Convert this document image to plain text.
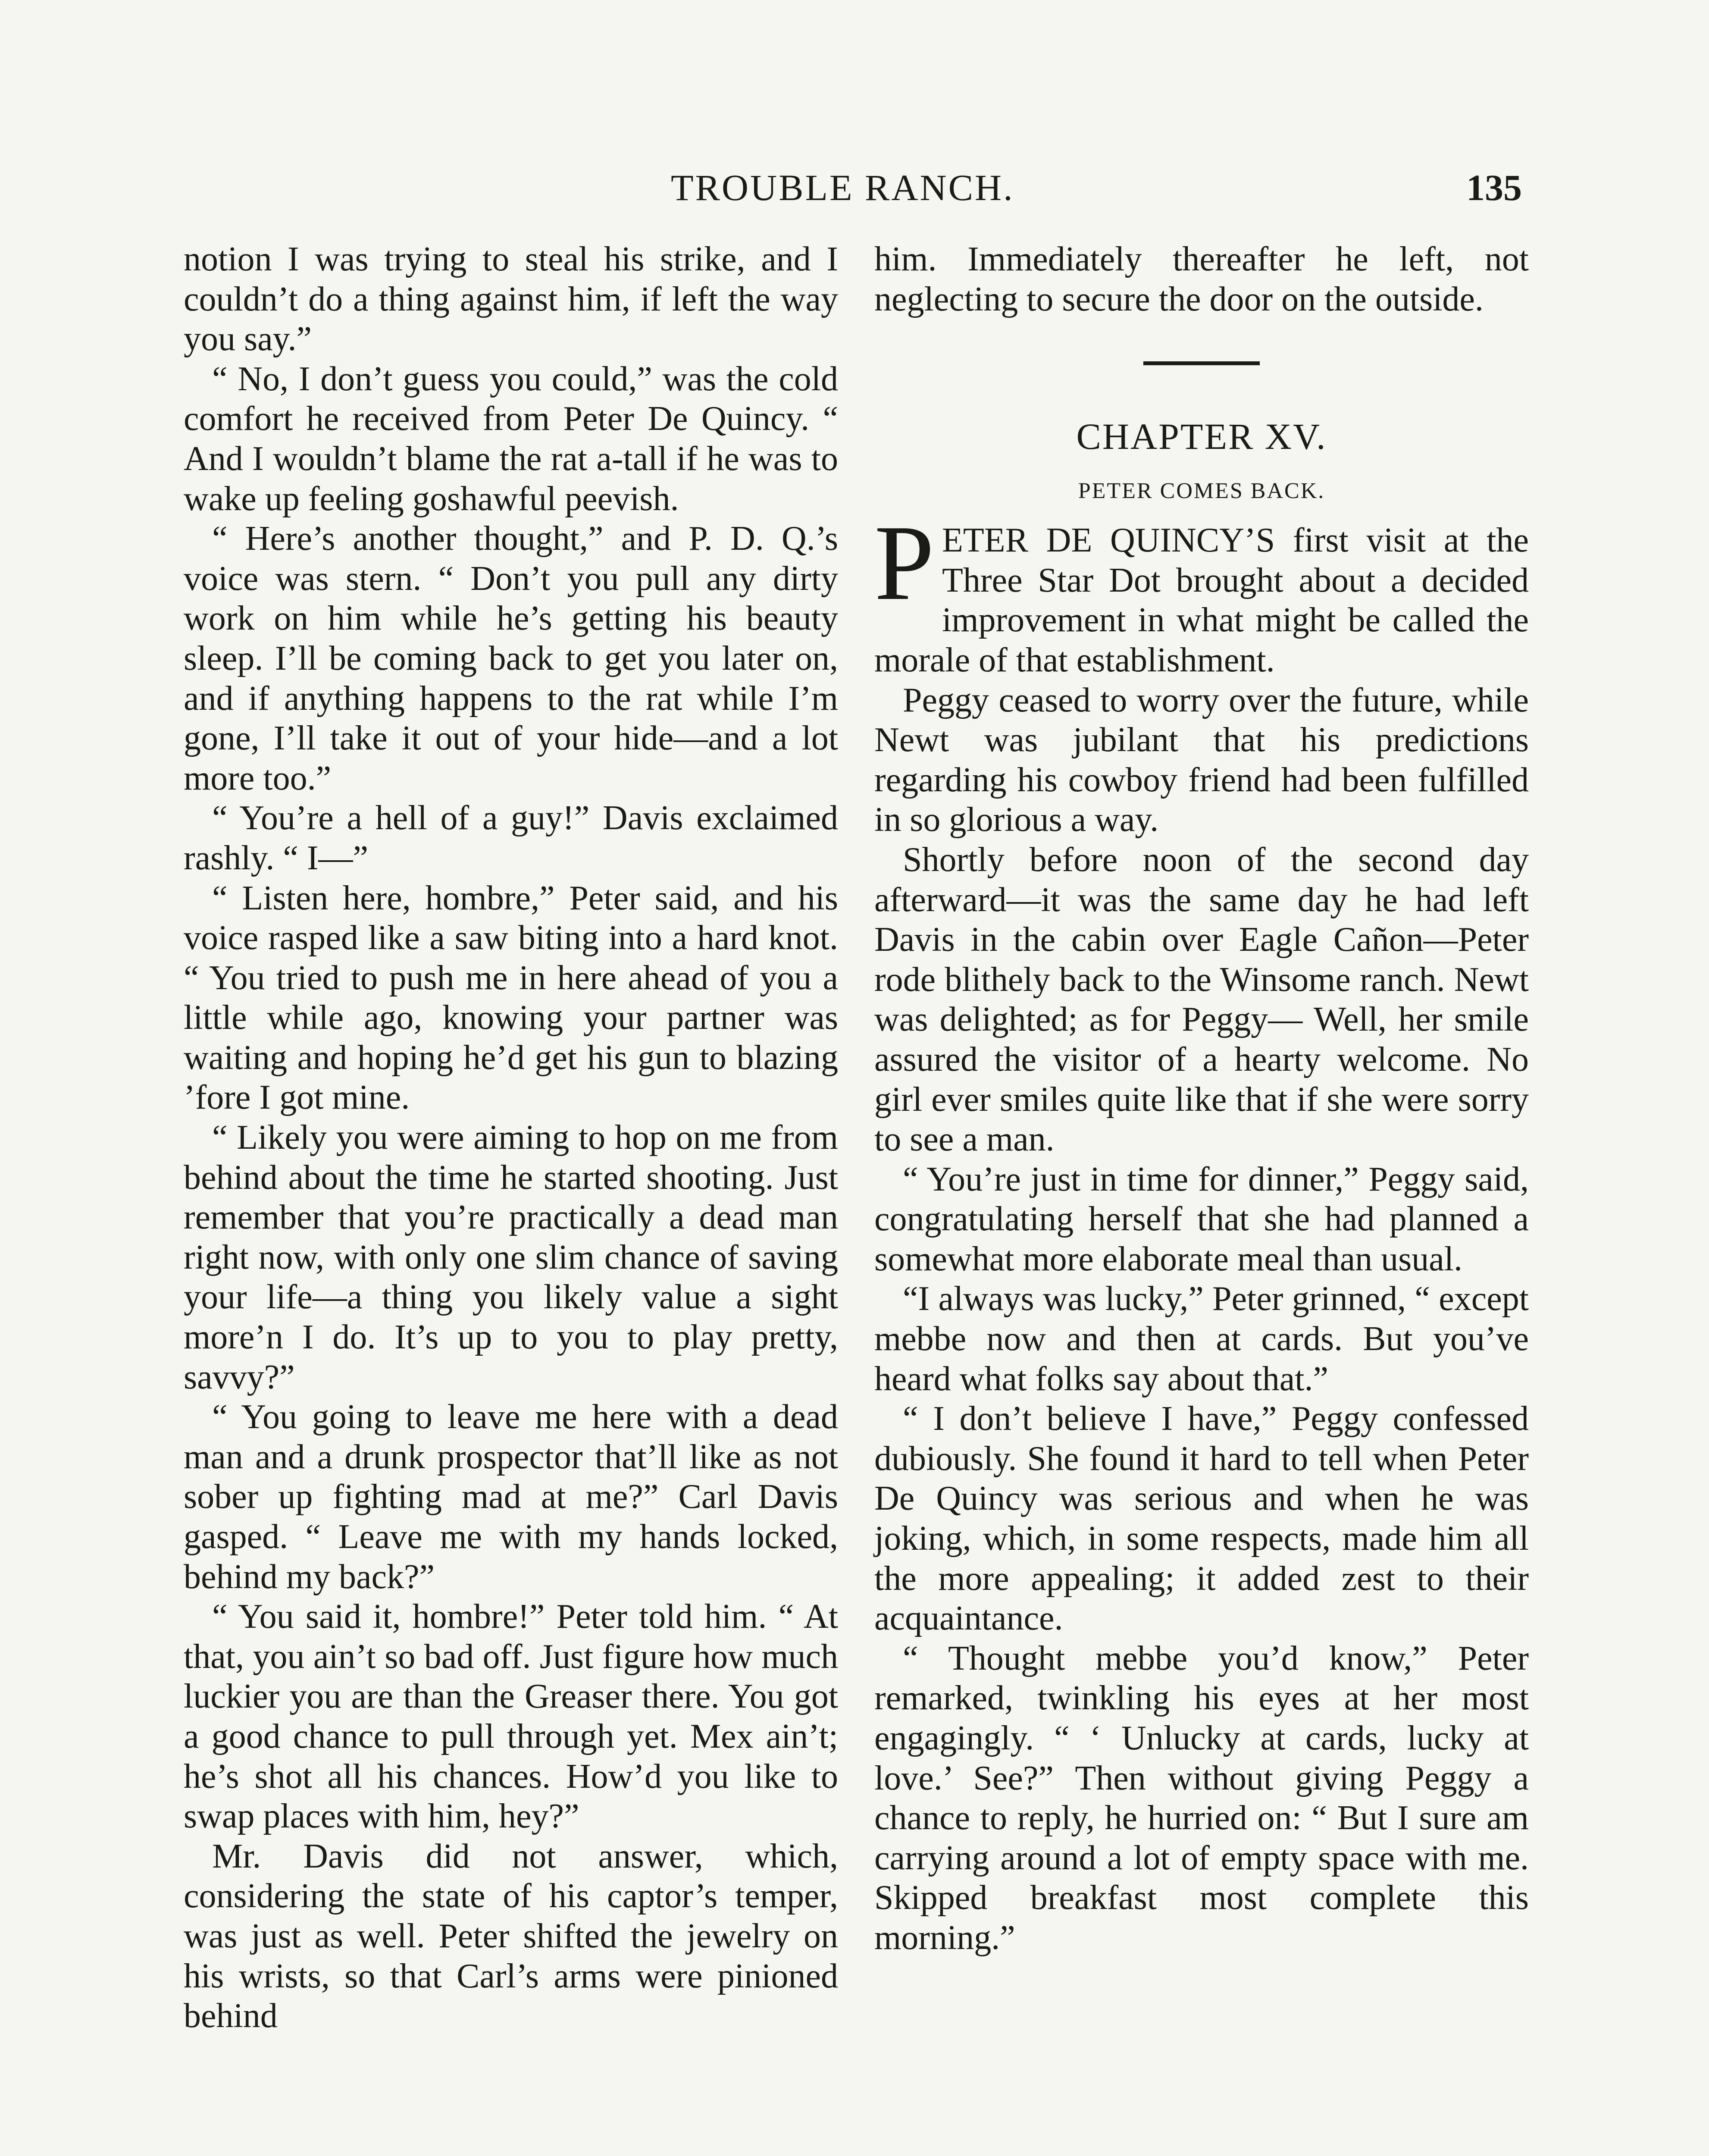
TROUBLE RANCH.	135

notion I was trying to steal his strike, and I couldn’t do a thing against him, if left the way you say.”

“ No, I don’t guess you could,” was the cold comfort he received from Peter De Quincy. “ And I wouldn’t blame the rat a-tall if he was to wake up feeling goshawful peevish.

“ Here’s another thought,” and P. D. Q.’s voice was stern. “ Don’t you pull any dirty work on him while he’s getting his beauty sleep. I’ll be coming back to get you later on, and if anything happens to the rat while I’m gone, I’ll take it out of your hide—and a lot more too.”

“ You’re a hell of a guy!” Davis exclaimed rashly. “ I—”

“ Listen here, hombre,” Peter said, and his voice rasped like a saw biting into a hard knot. “ You tried to push me in here ahead of you a little while ago, knowing your partner was waiting and hoping he’d get his gun to blazing ’fore I got mine.

“ Likely you were aiming to hop on me from behind about the time he started shooting. Just remember that you’re practically a dead man right now, with only one slim chance of saving your life—a thing you likely value a sight more’n I do. It’s up to you to play pretty, savvy?”

“ You going to leave me here with a dead man and a drunk prospector that’ll like as not sober up fighting mad at me?” Carl Davis gasped. “ Leave me with my hands locked, behind my back?”

“ You said it, hombre!” Peter told him. “ At that, you ain’t so bad off. Just figure how much luckier you are than the Greaser there. You got a good chance to pull through yet. Mex ain’t; he’s shot all his chances. How’d you like to swap places with him, hey?”

Mr. Davis did not answer, which, considering the state of his captor’s temper, was just as well. Peter shifted the jewelry on his wrists, so that Carl’s arms were pinioned behind

him. Immediately thereafter he left, not neglecting to secure the door on the outside.

CHAPTER XV.
PETER COMES BACK.

PETER DE QUINCY’S first visit at the Three Star Dot brought about a decided improvement in what might be called the morale of that establishment.

Peggy ceased to worry over the future, while Newt was jubilant that his predictions regarding his cowboy friend had been fulfilled in so glorious a way.

Shortly before noon of the second day afterward—it was the same day he had left Davis in the cabin over Eagle Cañon—Peter rode blithely back to the Winsome ranch. Newt was delighted; as for Peggy— Well, her smile assured the visitor of a hearty welcome. No girl ever smiles quite like that if she were sorry to see a man.

“ You’re just in time for dinner,” Peggy said, congratulating herself that she had planned a somewhat more elaborate meal than usual.

“I always was lucky,” Peter grinned, “ except mebbe now and then at cards. But you’ve heard what folks say about that.”

“ I don’t believe I have,” Peggy confessed dubiously. She found it hard to tell when Peter De Quincy was serious and when he was joking, which, in some respects, made him all the more appealing; it added zest to their acquaintance.

“ Thought mebbe you’d know,” Peter remarked, twinkling his eyes at her most engagingly. “ ‘ Unlucky at cards, lucky at love.’ See?” Then without giving Peggy a chance to reply, he hurried on: “ But I sure am carrying around a lot of empty space with me. Skipped breakfast most complete this morning.”
